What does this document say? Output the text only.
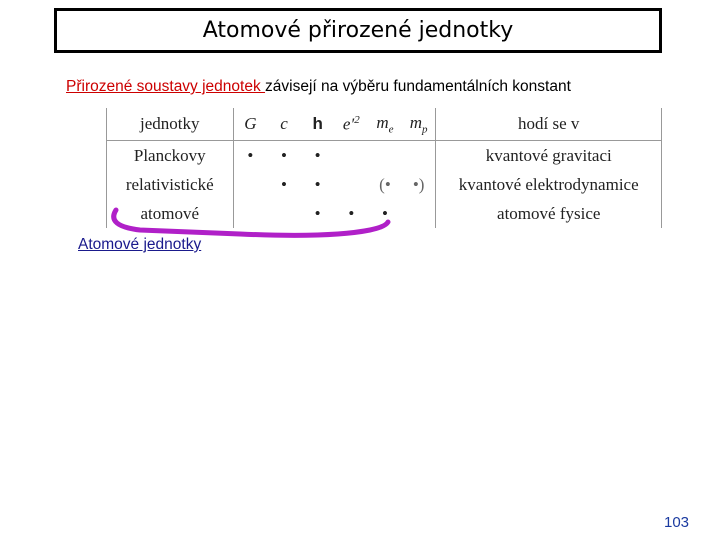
Atomové přirozené jednotky
Přirozené soustavy jednotek závisejí na výběru fundamentálních konstant
jednotky	G	c	h	$e'^2$	$m_e$	$m_p$	hodí se v
Planckovy	•	•	•				kvantové gravitaci
relativistické		•	•		(•	•)	kvantové elektrodynamice
atomové			•	•	•		atomové fysice
Atomové jednotky
103
